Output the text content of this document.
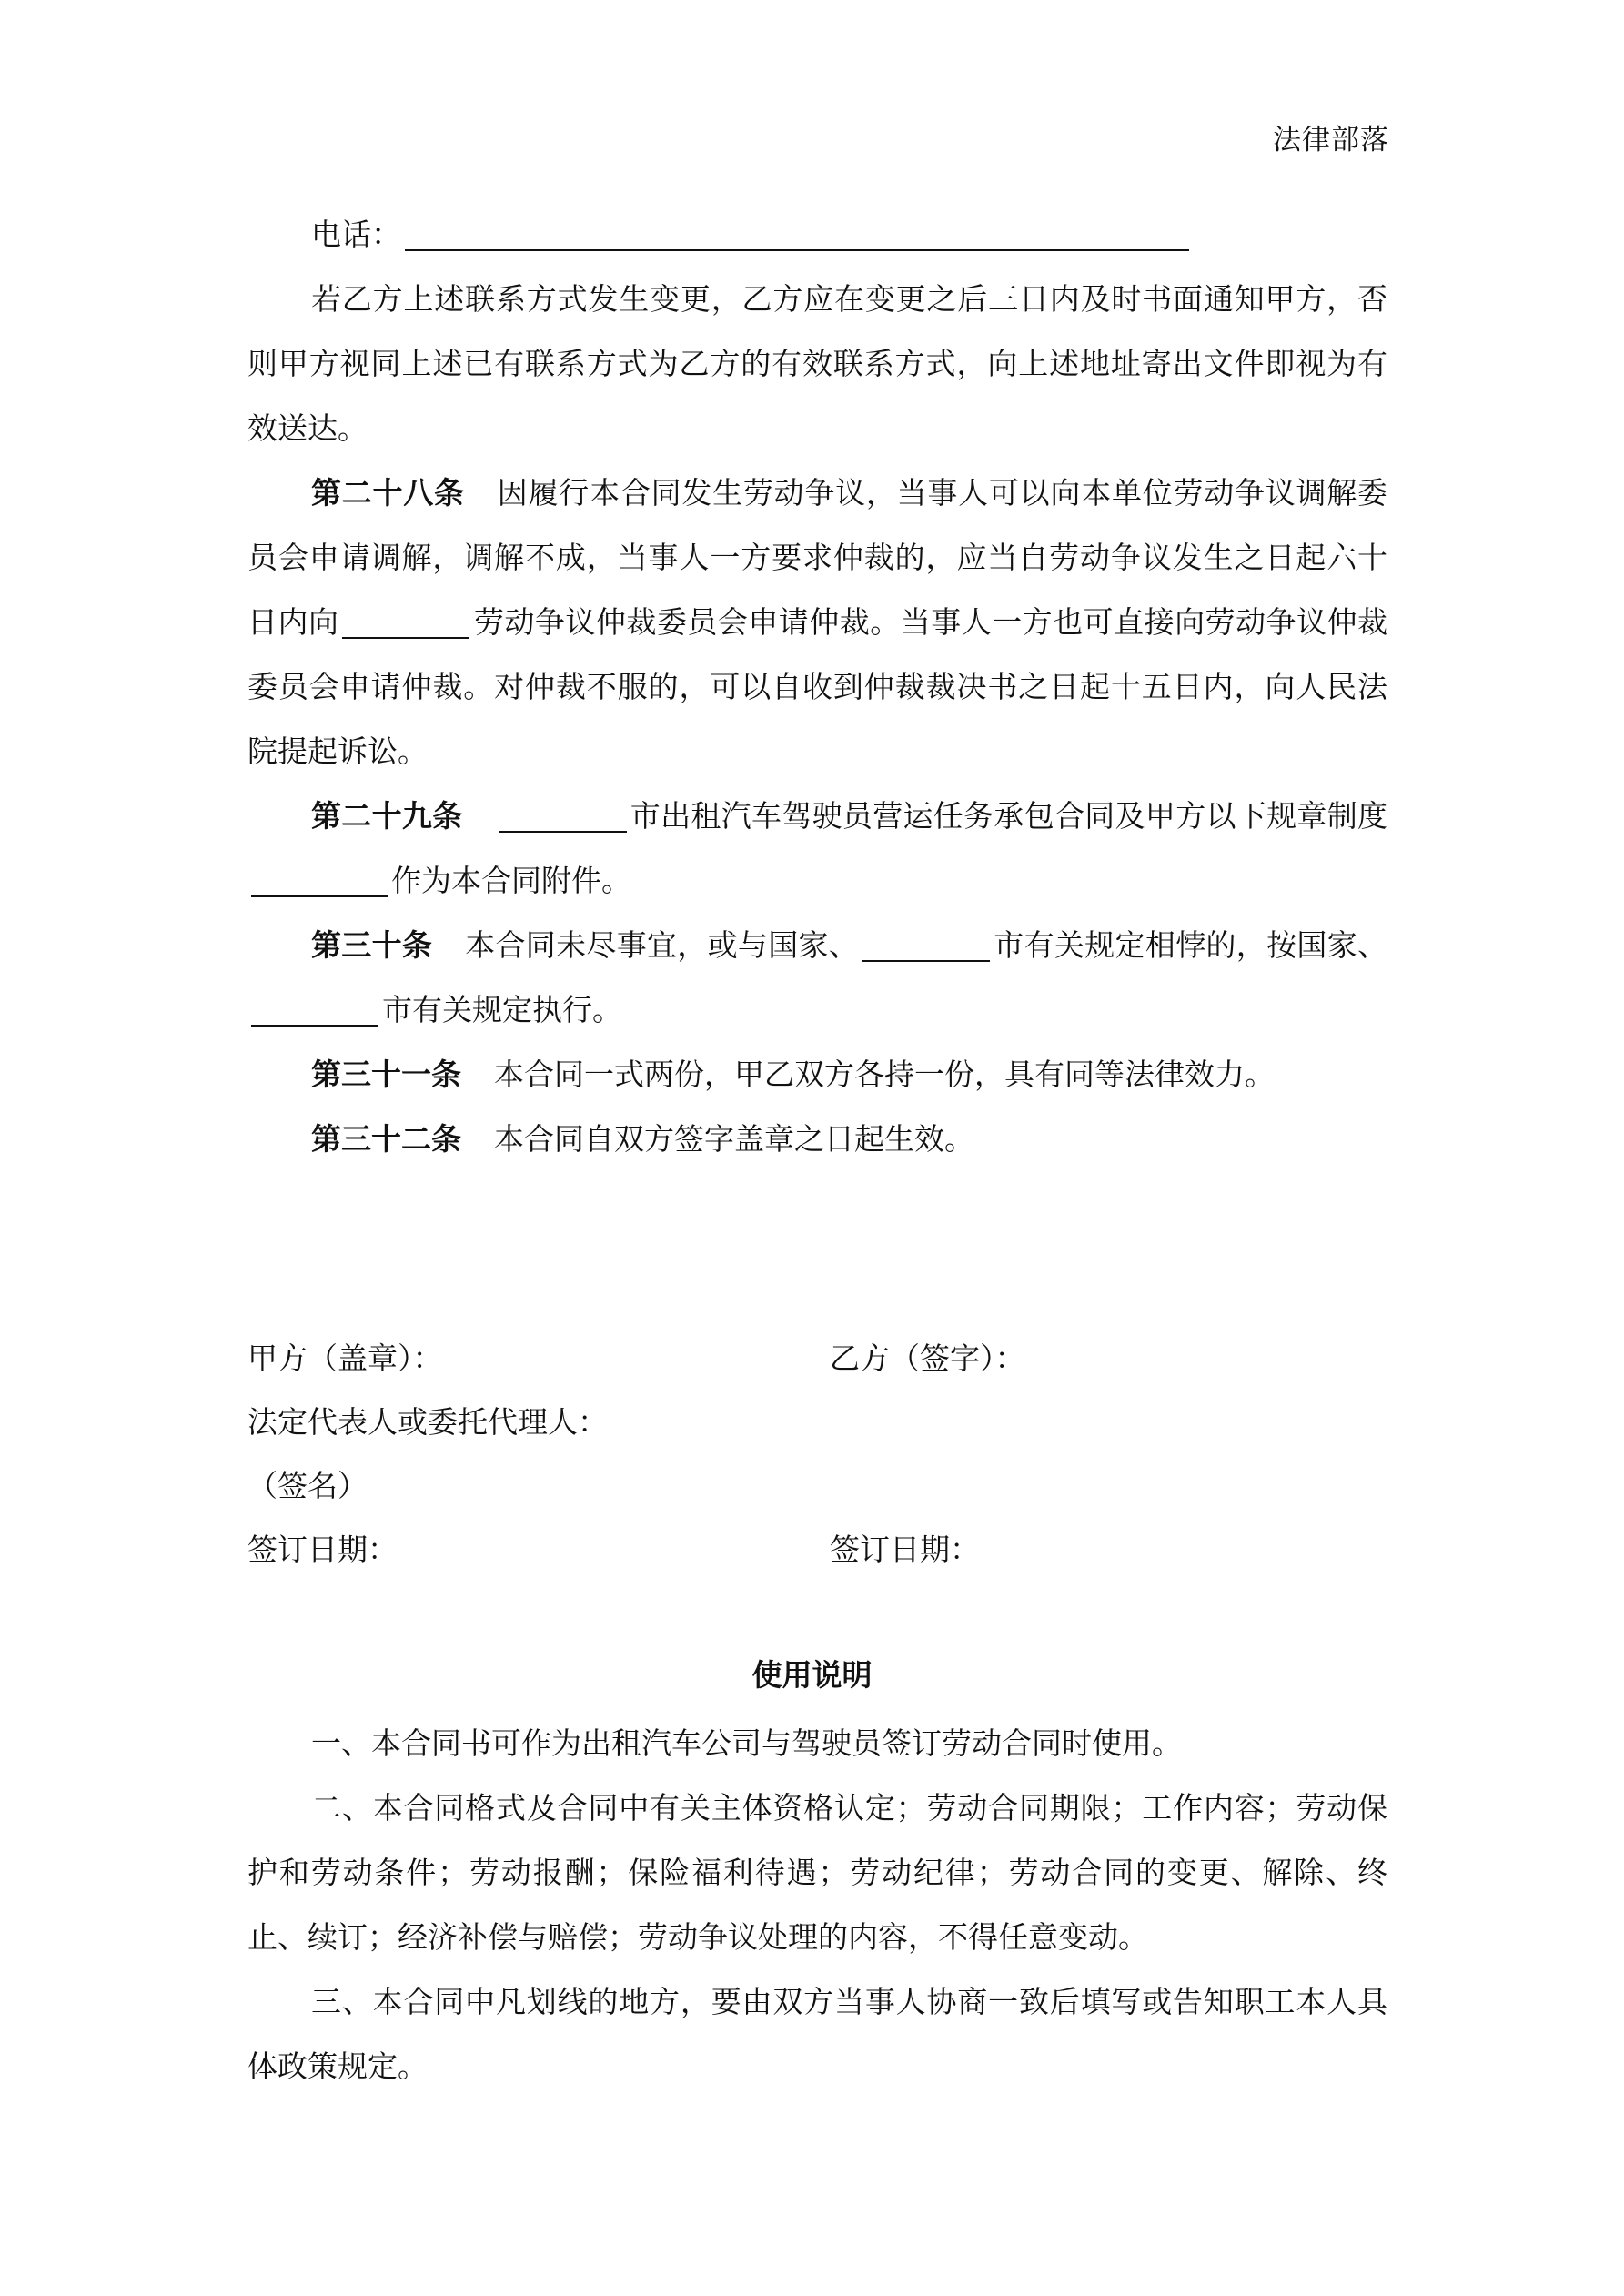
法律部落

电话：

若乙方上述联系方式发生变更，乙方应在变更之后三日内及时书面通知甲方，否则甲方视同上述已有联系方式为乙方的有效联系方式，向上述地址寄出文件即视为有效送达。

第二十八条 因履行本合同发生劳动争议，当事人可以向本单位劳动争议调解委员会申请调解，调解不成，当事人一方要求仲裁的，应当自劳动争议发生之日起六十日内向	劳动争议仲裁委员会申请仲裁。当事人一方也可直接向劳动争议仲裁委员会申请仲裁。对仲裁不服的，可以自收到仲裁裁决书之日起十五日内，向人民法院提起诉讼。

第二十九条	市出租汽车驾驶员营运任务承包合同及甲方以下规章制度作为本合同附件。

第三十条 本合同未尽事宜，或与国家、	市有关规定相悖的，按国家、市有关规定执行。

第三十一条 本合同一式两份，甲乙双方各持一份，具有同等法律效力。

第三十二条 本合同自双方签字盖章之日起生效。

甲方（盖章）：	乙方（签字）：
法定代表人或委托代理人：
（签名）
签订日期：	签订日期：
使用说明

一、本合同书可作为出租汽车公司与驾驶员签订劳动合同时使用。

二、本合同格式及合同中有关主体资格认定；劳动合同期限；工作内容；劳动保护和劳动条件；劳动报酬；保险福利待遇；劳动纪律；劳动合同的变更、解除、终止、续订；经济补偿与赔偿；劳动争议处理的内容，不得任意变动。

三、本合同中凡划线的地方，要由双方当事人协商一致后填写或告知职工本人具体政策规定。
